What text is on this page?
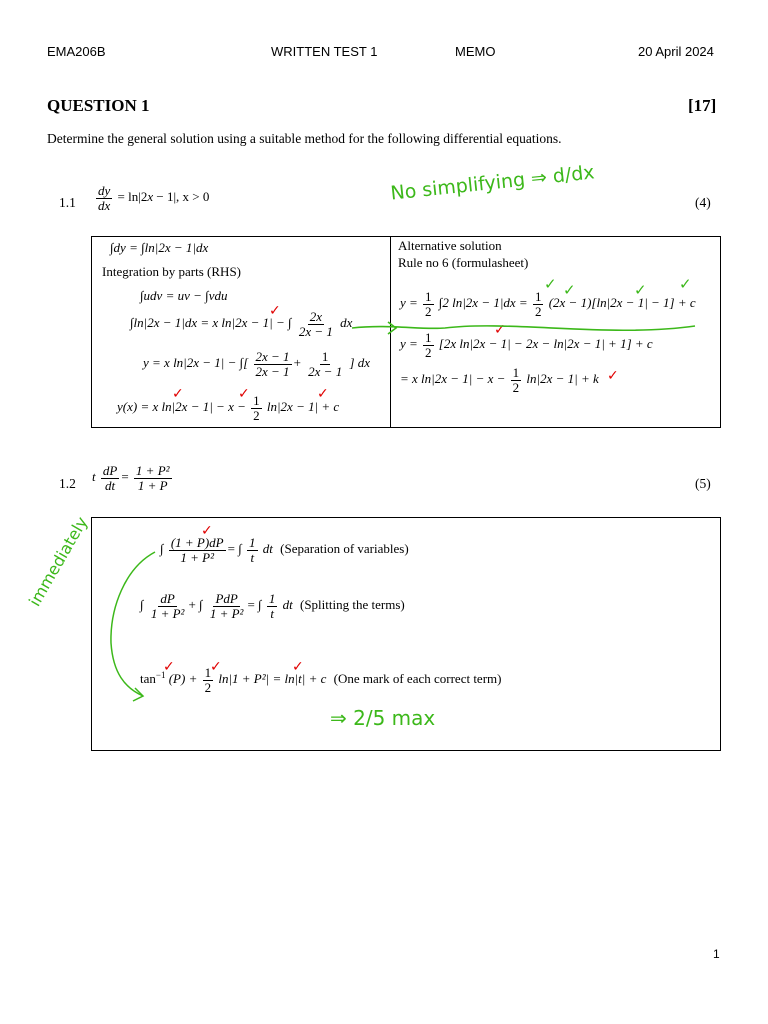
EMA206B	WRITTEN TEST 1	MEMO	20 April 2024
QUESTION 1	[17]
Determine the general solution using a suitable method for the following differential equations.
$1.1 \frac{dy}{dx} = \ln|2x - 1|$, x > 0	(4)
No simplifying ⇒ d/dx
∫dy = ∫ln|2x − 1|dx
Integration by parts (RHS)
∫udv = uv − ∫vdu
∫ln|2x − 1|dx = x ln|2x − 1| − ∫ $\frac{2x}{2x - 1}$ dx
y = x ln|2x − 1| − ∫[ $\frac{2x - 1}{2x - 1} + \frac{1}{2x - 1}$ ] dx
y(x) = x $\ln|2x - 1| - x - \frac{1}{2} \ln|2x - 1| + c$
✓
✓	✓	✓
Alternative solution
Rule no 6 (formulasheet)
$y = \frac{1}{2} \int 2$ $\ln|2x - 1|dx = \frac{1}{2} (2x - 1)[\ln|2x - 1| - 1] + c$
$y = \frac{1}{2} [2x$ ln|2x − 1| − 2x − ln|2x − 1| + 1] + c
= x $\ln|2x - 1| - x - \frac{1}{2} \ln|2x - 1| + k$
✓ ✓	✓ ✓
✓
✓
1.2 t $\frac{dP}{dt} = \frac{\text{1 + P²}}{1 + P}$	(5)
∫ $\frac{(1 + P)dP}{\text{1 + P²}}$ = ∫ $\frac{1}{t}$ dt (Separation of variables)
✓
∫ $\frac{dP}{\text{1 + P²}}$ + ∫ $\frac{\text{PdP}}{\text{1 + P²}}$ = ∫ $\frac{1}{t}$ dt (Splitting the terms)
$\tan^{-1} (P) + \frac{1}{2} \ln|1 + P^2| = \ln|t| + c$ (One mark of each correct term)
✓	✓	✓
immediately
⇒ 2/5 max
1
